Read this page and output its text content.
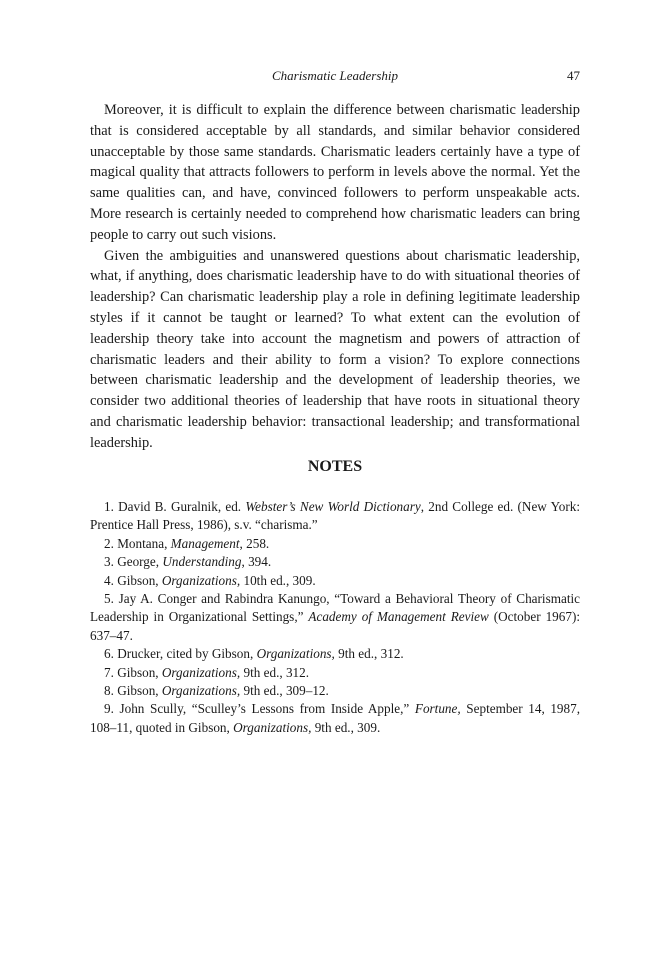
Charismatic Leadership	47

Moreover, it is difficult to explain the difference between charismatic leadership that is considered acceptable by all standards, and similar behavior considered unacceptable by those same standards. Charismatic leaders certainly have a type of magical quality that attracts followers to perform in levels above the normal. Yet the same qualities can, and have, convinced followers to perform unspeakable acts. More research is certainly needed to comprehend how charismatic leaders can bring people to carry out such visions.

Given the ambiguities and unanswered questions about charismatic leadership, what, if anything, does charismatic leadership have to do with situational theories of leadership? Can charismatic leadership play a role in defining legitimate leadership styles if it cannot be taught or learned? To what extent can the evolution of leadership theory take into account the magnetism and powers of attraction of charismatic leaders and their ability to form a vision? To explore connections between charismatic leadership and the development of leadership theories, we consider two additional theories of leadership that have roots in situational theory and charismatic leadership behavior: transactional leadership; and transformational leadership.

NOTES

1. David B. Guralnik, ed. Webster’s New World Dictionary, 2nd College ed. (New York: Prentice Hall Press, 1986), s.v. “charisma.”

2. Montana, Management, 258.

3. George, Understanding, 394.

4. Gibson, Organizations, 10th ed., 309.

5. Jay A. Conger and Rabindra Kanungo, “Toward a Behavioral Theory of Charismatic Leadership in Organizational Settings,” Academy of Management Review (October 1967): 637–47.

6. Drucker, cited by Gibson, Organizations, 9th ed., 312.

7. Gibson, Organizations, 9th ed., 312.

8. Gibson, Organizations, 9th ed., 309–12.

9. John Scully, “Sculley’s Lessons from Inside Apple,” Fortune, September 14, 1987, 108–11, quoted in Gibson, Organizations, 9th ed., 309.
